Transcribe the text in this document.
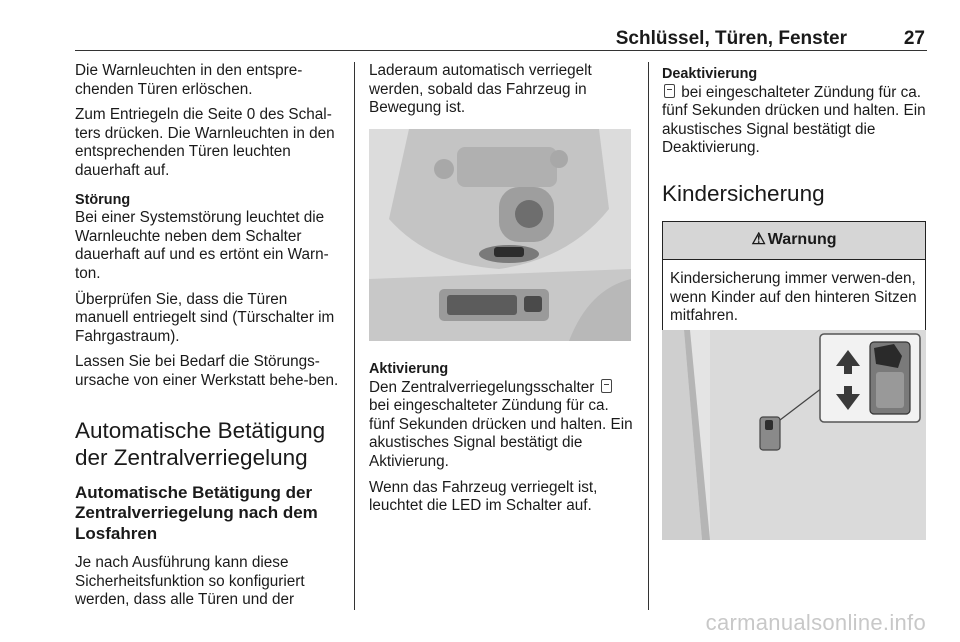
Schlüssel, Türen, Fenster	27

Die Warnleuchten in den entspre-chenden Türen erlöschen.

Zum Entriegeln die Seite 0 des Schal-ters drücken. Die Warnleuchten in den entsprechenden Türen leuchten dauerhaft auf.

Störung

Bei einer Systemstörung leuchtet die Warnleuchte neben dem Schalter dauerhaft auf und es ertönt ein Warn-ton.

Überprüfen Sie, dass die Türen manuell entriegelt sind (Türschalter im Fahrgastraum).

Lassen Sie bei Bedarf die Störungs-ursache von einer Werkstatt behe-ben.

Automatische Betätigung der Zentralverriegelung
Automatische Betätigung der Zentralverriegelung nach dem Losfahren

Je nach Ausführung kann diese Sicherheitsfunktion so konfiguriert werden, dass alle Türen und der

Laderaum automatisch verriegelt werden, sobald das Fahrzeug in Bewegung ist.

Aktivierung

Den Zentralverriegelungsschalter  bei eingeschalteter Zündung für ca. fünf Sekunden drücken und halten. Ein akustisches Signal bestätigt die Aktivierung.

Wenn das Fahrzeug verriegelt ist, leuchtet die LED im Schalter auf.

Deaktivierung

bei eingeschalteter Zündung für ca. fünf Sekunden drücken und halten. Ein akustisches Signal bestätigt die Deaktivierung.

Kindersicherung
⚠ Warnung
Kindersicherung immer verwen-den, wenn Kinder auf den hinteren Sitzen mitfahren.
carmanualsonline.info
